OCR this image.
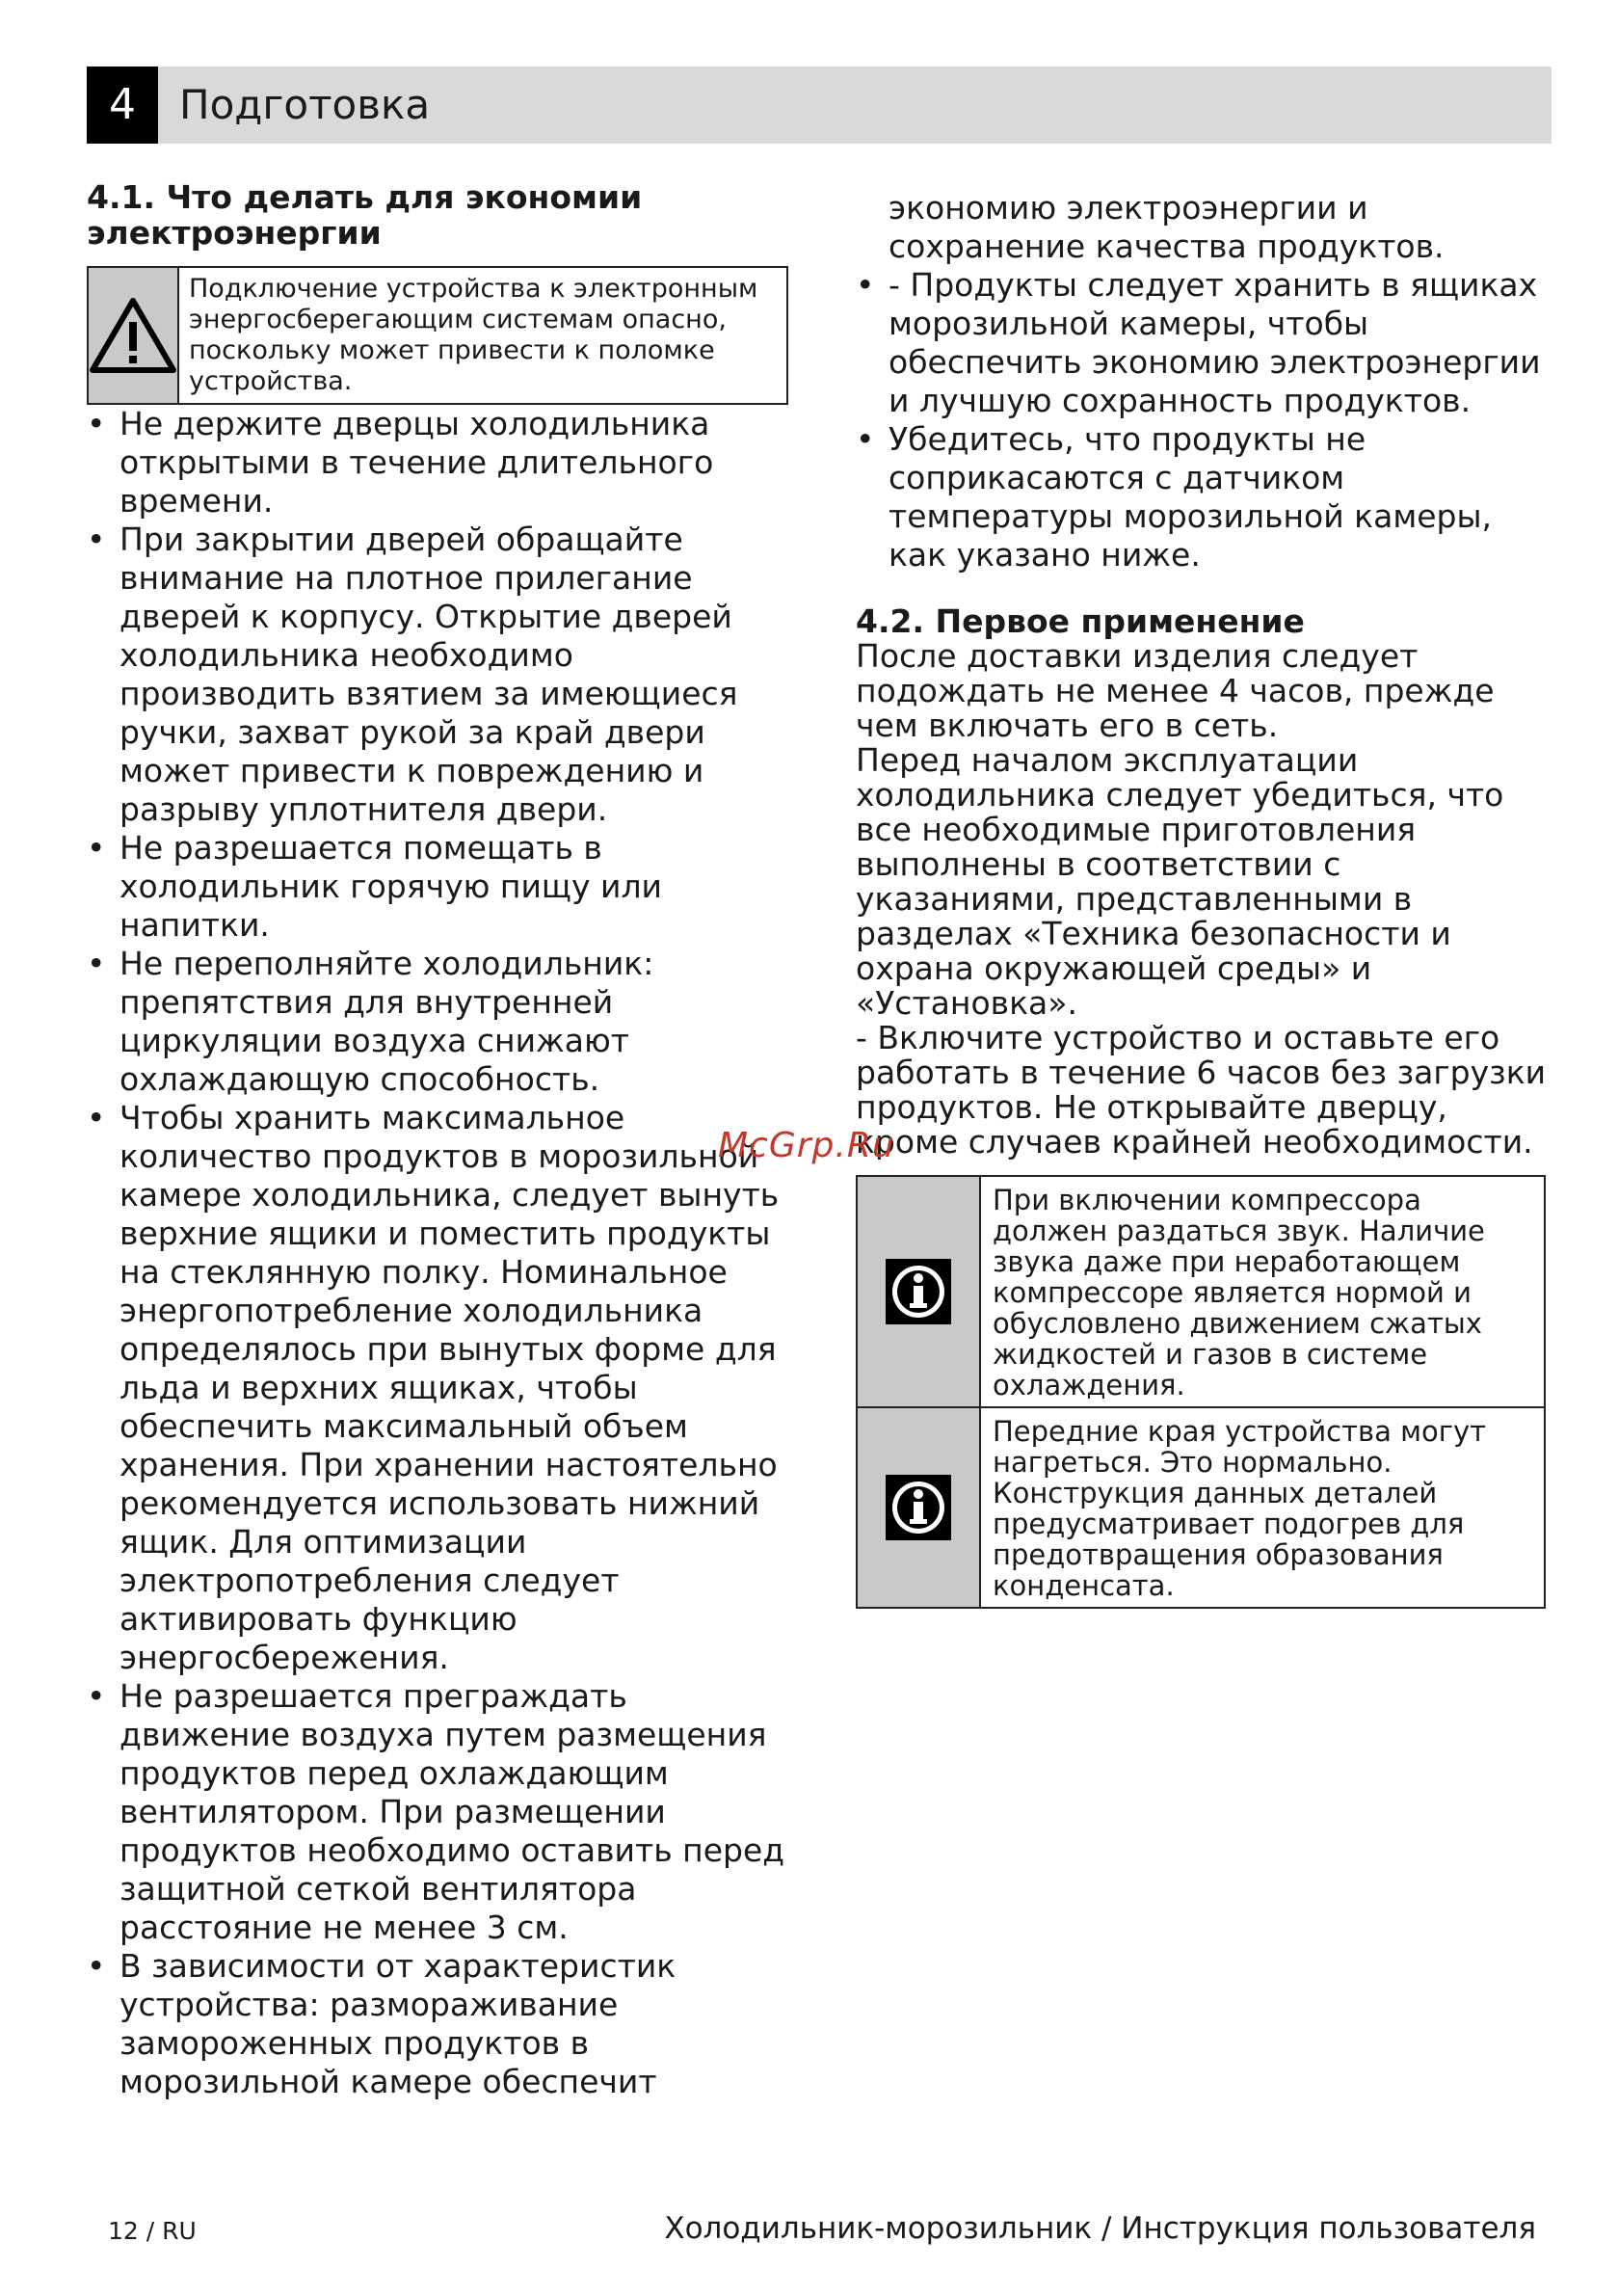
4	Подготовка
4.1. Что делать для экономии электроэнергии
Подключение устройства к электронным энергосберегающим системам опасно, поскольку может привести к поломке устройства.
• Не держите дверцы холодильника открытыми в течение длительного времени.
• При закрытии дверей обращайте внимание на плотное прилегание дверей к корпусу. Открытие дверей холодильника необходимо производить взятием за имеющиеся ручки, захват рукой за край двери может привести к повреждению и разрыву уплотнителя двери.
• Не разрешается помещать в холодильник горячую пищу или напитки.
• Не переполняйте холодильник: препятствия для внутренней циркуляции воздуха снижают охлаждающую способность.
• Чтобы хранить максимальное количество продуктов в морозильной камере холодильника, следует вынуть верхние ящики и поместить продукты на стеклянную полку. Номинальное энергопотребление холодильника определялось при вынутых форме для льда и верхних ящиках, чтобы обеспечить максимальный объем хранения. При хранении настоятельно рекомендуется использовать нижний ящик. Для оптимизации электропотребления следует активировать функцию энергосбережения.
• Не разрешается преграждать движение воздуха путем размещения продуктов перед охлаждающим вентилятором. При размещении продуктов необходимо оставить перед защитной сеткой вентилятора расстояние не менее 3 см.
• В зависимости от характеристик устройства: размораживание замороженных продуктов в морозильной камере обеспечит
экономию электроэнергии и сохранение качества продуктов.
• - Продукты следует хранить в ящиках морозильной камеры, чтобы обеспечить экономию электроэнергии и лучшую сохранность продуктов.
• Убедитесь, что продукты не соприкасаются с датчиком температуры морозильной камеры, как указано ниже.
4.2. Первое применение

После доставки изделия следует подождать не менее 4 часов, прежде чем включать его в сеть.

Перед началом эксплуатации холодильника следует убедиться, что все необходимые приготовления выполнены в соответствии с указаниями, представленными в разделах «Техника безопасности и охрана окружающей среды» и «Установка».

- Включите устройство и оставьте его работать в течение 6 часов без загрузки продуктов. Не открывайте дверцу, кроме случаев крайней необходимости.

При включении компрессора должен раздаться звук. Наличие звука даже при неработающем компрессоре является нормой и обусловлено движением сжатых жидкостей и газов в системе охлаждения.
Передние края устройства могут нагреться. Это нормально. Конструкция данных деталей предусматривает подогрев для предотвращения образования конденсата.
McGrp.Ru
12 / RU	Холодильник-морозильник / Инструкция пользователя
